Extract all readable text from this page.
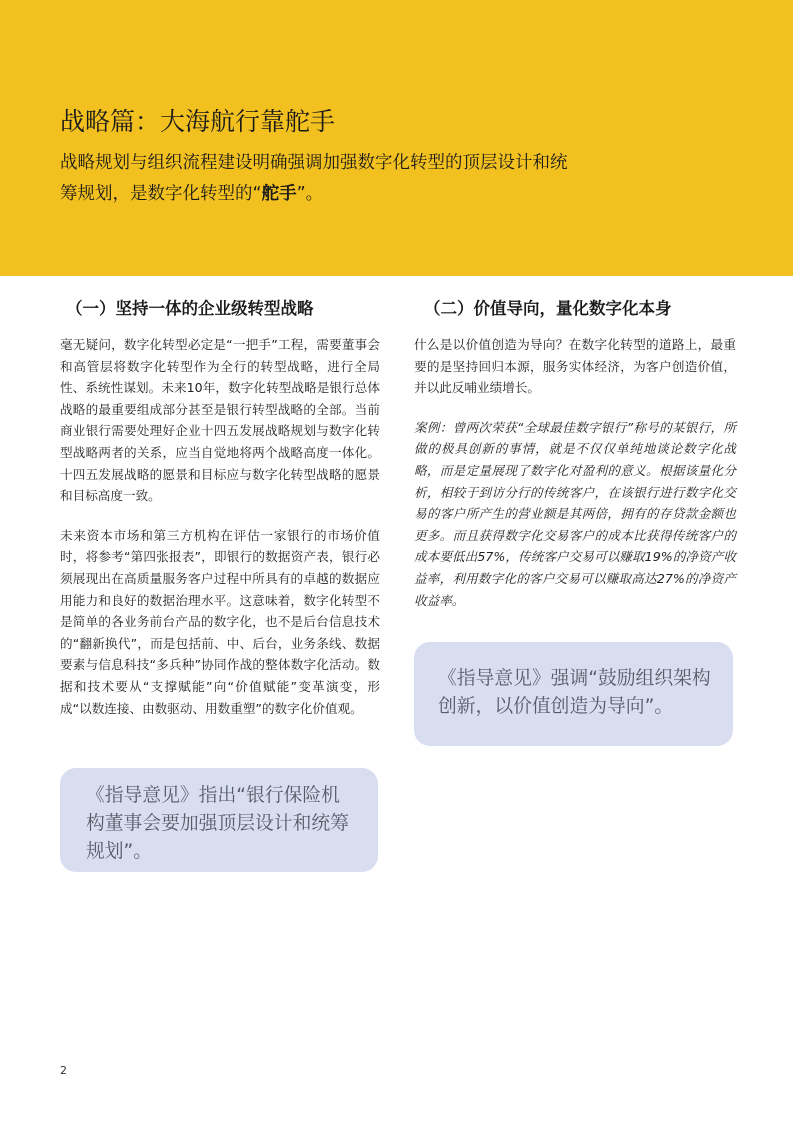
战略篇：大海航行靠舵手

战略规划与组织流程建设明确强调加强数字化转型的顶层设计和统筹规划，是数字化转型的“舵手”。

（一）坚持一体的企业级转型战略

毫无疑问，数字化转型必定是“一把手”工程，需要董事会和高管层将数字化转型作为全行的转型战略，进行全局性、系统性谋划。未来10年，数字化转型战略是银行总体战略的最重要组成部分甚至是银行转型战略的全部。当前商业银行需要处理好企业十四五发展战略规划与数字化转型战略两者的关系，应当自觉地将两个战略高度一体化。十四五发展战略的愿景和目标应与数字化转型战略的愿景和目标高度一致。

未来资本市场和第三方机构在评估一家银行的市场价值时，将参考“第四张报表”，即银行的数据资产表，银行必须展现出在高质量服务客户过程中所具有的卓越的数据应用能力和良好的数据治理水平。这意味着，数字化转型不是简单的各业务前台产品的数字化，也不是后台信息技术的“翻新换代”，而是包括前、中、后台，业务条线、数据要素与信息科技“多兵种”协同作战的整体数字化活动。数据和技术要从“支撑赋能”向“价值赋能”变革演变，形成“以数连接、由数驱动、用数重塑”的数字化价值观。

（二）价值导向，量化数字化本身

什么是以价值创造为导向？在数字化转型的道路上，最重要的是坚持回归本源，服务实体经济，为客户创造价值，并以此反哺业绩增长。

案例：曾两次荣获“全球最佳数字银行”称号的某银行，所做的极具创新的事情，就是不仅仅单纯地谈论数字化战略，而是定量展现了数字化对盈利的意义。根据该量化分析，相较于到访分行的传统客户，在该银行进行数字化交易的客户所产生的营业额是其两倍，拥有的存贷款金额也更多。而且获得数字化交易客户的成本比获得传统客户的成本要低出57%，传统客户交易可以赚取19%的净资产收益率，利用数字化的客户交易可以赚取高达27%的净资产收益率。

《指导意见》指出“银行保险机构董事会要加强顶层设计和统筹规划”。
《指导意见》强调“鼓励组织架构创新，以价值创造为导向”。
2
